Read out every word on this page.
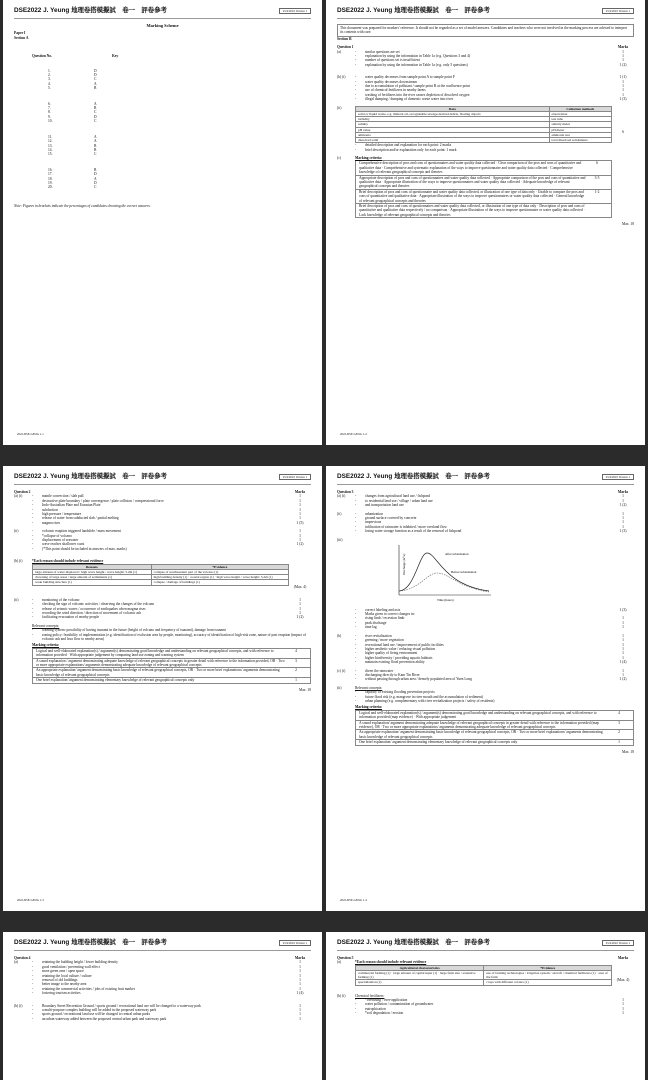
DSE2022 J. Yeung 地理卷搭模擬試　卷一　評卷參考	25/4/2022 Version 1
Marking Scheme
Paper I
Section A
Question No.	Key
1.	D
2.	D
3.	C
4.	A
5.	B
6.	A
7.	B
8.	C
9.	D
10.	C
11.	A
12.	A
13.	B
14.	B
15.	C
16.	B
17.	D
18.	A
19.	D
20.	C
Note: Figures in brackets indicate the percentages of candidates choosing the correct answers.
2022-DSE-GEOG 1-1
DSE2022 J. Yeung 地理卷搭模擬試　卷一　評卷參考	25/4/2022 Version 1
This document was prepared for markers' reference. It should not be regarded as a set of model answers. Candidates and teachers who were not involved in the marking process are advised to interpret its contents with care.
Section B
Question 1	Marks
(a)	-	similar questions are set	1
-	explanation by using the information in Table 1a (e.g. Questions 3 and 4)	1
-	number of questions set is insufficient	1
-	explanation by using the information in Table 1a (e.g. only 5 questions)	1 (2)
(b) (i)	-	water quality decreases from sample point A to sample point F	1 (1)
-	water quality decreases downstream	1
-	due to accumulation of pollutant / sample point B at the confluence point	1
-	use of chemical fertilizers in nearby farms	1
-	washing of fertilizers into the river causes depletion of dissolved oxygen	1
-	illegal dumping / dumping of domestic waste water into river	1 (3)
(ii)	Data	Collection methods
solid or liquid waste, e.g. mineral oil, recognisable sewage-derived debris, floating objects	observation
turbidity	test tube
salinity	salinity meter
pH value	pH meter
ammonia	ammonia test
dissolved solid	total dissolved solidsmeter
6
-	detailed description and explanation for each point: 2 marks
-	brief description and/or explanation only for each point: 1 mark
(c)	Marking criteria:
Comprehensive description of pros and cons of questionnaires and water quality data collected · Clear comparison of the pros and cons of quantitative and qualitative data · Comprehensive and systematic explanation of the ways to improve questionnaire and water quality data collected · Comprehensive knowledge of relevant geographical concepts and theories
6
Appropriate description of pros and cons of questionnaires and water quality data collected · Appropriate comparison of the pros and cons of quantitative and qualitative data · Appropriate illustration of the ways to improve questionnaires and water quality data collected · Adequate knowledge of relevant geographical concepts and theories
3-5
Brief description of pros and cons of questionnaire and water quality data collected, or illustration of one type of data only · Unable to compare the pros and cons of quantitative and qualitative data · Appropriate illustration of the ways to improve questionnaires or water quality data collected · General knowledge of relevant geographical concepts and theories
1-2
Brief description of pros and cons of questionnaires and water quality data collected, or illustration of one type of data only · Description of pros and cons of quantitative and qualitative data respectively / no comparison · Appropriate illustration of the ways to improve questionnaire or water quality data collected · Lack knowledge of relevant geographical concepts and theories
Max. 18
2022-DSE-GEOG 1-2
DSE2022 J. Yeung 地理卷搭模擬試　卷一　評卷參考	25/4/2022 Version 1
Question 2	Marks
(a) (i)	-	mantle convection / slab pull	1
-	destructive plate boundary / plate convergence / plate collision / compressional force	1
-	Indo-Australian Plate and Eurasian Plate	1
-	subduction	1
-	high pressure / temperature	1
-	release of water from subducted slab / partial melting	1
-	magma rises	1 (5)
(ii)	-	volcanic eruption triggered landslide / mass movement	1
-	*collapse of volcano	1
-	displacement of seawater	1
-	wave reaches shallower coast	1 (2)
-	(*This point should be included in answers of max. marks)
(b) (i)	*Each reason should include relevant evidence
Reasons	*Evidence
large amount of water displaced / high wave height / wave height: 5.2m (1)	collapse of southwestern part of the volcano (1)
drowning of large areas / large amount of settlements (1)	high building density (1) · coastal region (1) · high wave height / wave height: 5.2m (1)
weak building structure (1)	collapse / damage of buildings (1)
(Max. 4)
(ii)	-	monitoring of the volcano	1
-	checking the sign of volcanic activities / observing the changes of the volcano	1
-	release of seismic waves / occurrence of earthquakes when magma rises	1
-	recording the wind direction / direction of movement of volcanic ash	1
-	facilitating evacuation of nearby people	1 (2)
Relevant concepts:
-	warning system: possibility of having tsunami in the future (height of volcano and frequency of tsunami), damage from tsunami
-	zoning policy: feasibility of implementation (e.g. identification of exclusion area by people, monitoring), accuracy of identification of high-risk zone, nature of past eruption (impact of volcanic ash and lava flow to nearby areas)
Marking criteria:
Logical and well-elaborated explanation(s) / argument(s) demonstrating good knowledge and understanding on relevant geographical concepts, and with reference to information provided · With appropriate judgement by comparing land use zoning and warning system
4
A sound explanation / argument demonstrating adequate knowledge of relevant geographical concepts in greater detail with reference to the information provided, OR · Two or more appropriate explanations/ arguments demonstrating adequate knowledge of relevant geographical concepts
3
An appropriate explanation/ argument demonstrating basic knowledge of relevant geographical concepts, OR · Two or more brief explanations/ arguments demonstrating basic knowledge of relevant geographical concepts
2
One brief explanation/ argument demonstrating elementary knowledge of relevant geographical concepts only	1
Max. 18
2022-DSE-GEOG 1-3
DSE2022 J. Yeung 地理卷搭模擬試　卷一　評卷參考	25/4/2022 Version 1
Question 3	Marks
(a) (i)	-	changes from agricultural land use / fishpond	1
-	to residential land use / village / urban land use	1
-	and transportation land use	1 (2)
(ii)	-	urbanization	1
-	ground surface covered by concrete	1
-	impervious	1
-	infiltration of rainwater is inhibited / more overland flow	1
-	losing water storage function as a result of the removal of fishpond	1 (3)
(iii)
Discharge (m³/s)
Time (hours)
After urbanization
Before urbanization
-	correct labeling and axis	1 (3)
-	Marks given to correct changes in:
-	rising limb / recession limb	1
-	peak discharge	1
-	time lag	1
(b)	-	river revitalization	1
-	greening / more vegetation	1
-	recreational land use / improvement of public facilities	1
-	higher aesthetic value / reducing visual pollution	1
-	higher quality of living environment	1
-	higher biodiversity / providing aquatic habitats	1
-	maintain existing flood prevention ability	1 (4)
(c) (i)	-	divert the rainwater	1
-	discharging directly to Kam Tin River	1
-	without passing through urban area / densely populated area of Yuen Long	1 (2)
(ii)	Relevant concepts:
-	capacity of existing flooding prevention projects
-	future flood risk (e.g. mangrove in river mouth and the accumulation of sediment)
-	urban planning (e.g. complementary with river revitalization projects / safety of residents)
Marking criteria:
Logical and well-elaborated explanation(s) / argument(s) demonstrating good knowledge and understanding on relevant geographical concepts, and with reference to information provided (map evidence) · With appropriate judgement
4
A sound explanation/ argument demonstrating adequate knowledge of relevant geographical concepts in greater detail with reference to the information provided (map evidence), OR · Two or more appropriate explanations/ arguments demonstrating adequate knowledge of relevant geographical concepts
3
An appropriate explanation/ argument demonstrating basic knowledge of relevant geographical concepts, OR · Two or more brief explanations/ arguments demonstrating basic knowledge of relevant geographical concepts
2
One brief explanation/ argument demonstrating elementary knowledge of relevant geographical concepts only	1
Max. 18
2022-DSE-GEOG 1-4
DSE2022 J. Yeung 地理卷搭模擬試　卷一　評卷參考	25/4/2022 Version 1
Question 4	Marks
(a)	-	retaining the building height / lower building density	1
-	good ventilation / preventing wall effect	1
-	more green area / open space	1
-	retaining the local culture / culture	1
-	removal of old buildings	1
-	better image to the nearby area	1
-	retaining the commercial activities / jobs of existing fruit market	1
-	fostering tourism activities	1 (4)
(b) (i)	-	Boundary Street Recreation Ground / sports ground / recreational land use will be changed to a waterway park	1
-	a multi-purpose complex building will be added in the proposed waterway park	1
-	sports ground / recreational land use will be changed to central urban parks	1
-	an urban waterway added between the proposed central urban park and waterway park	1
DSE2022 J. Yeung 地理卷搭模擬試　卷一　評卷參考	25/4/2022 Version 1
Question 5	Marks
(a)	*Each reason should include relevant evidence
Agricultural characteristics	*Evidence
commercial farming (1) · large amount of capital input (1) · large farm size / extensive farming (1)	use of farming technologies / irrigation system / aircraft / chemical fertilizers (1) · area of the farm
specialization (1)	crops with different colours (1)
(Max. 4)
(b) (i)	Chemical fertilizers:
-	*overusing / over-application	1
-	water pollution / contamination of groundwater	1
-	eutrophication	1
-	*soil degradation / erosion	1
